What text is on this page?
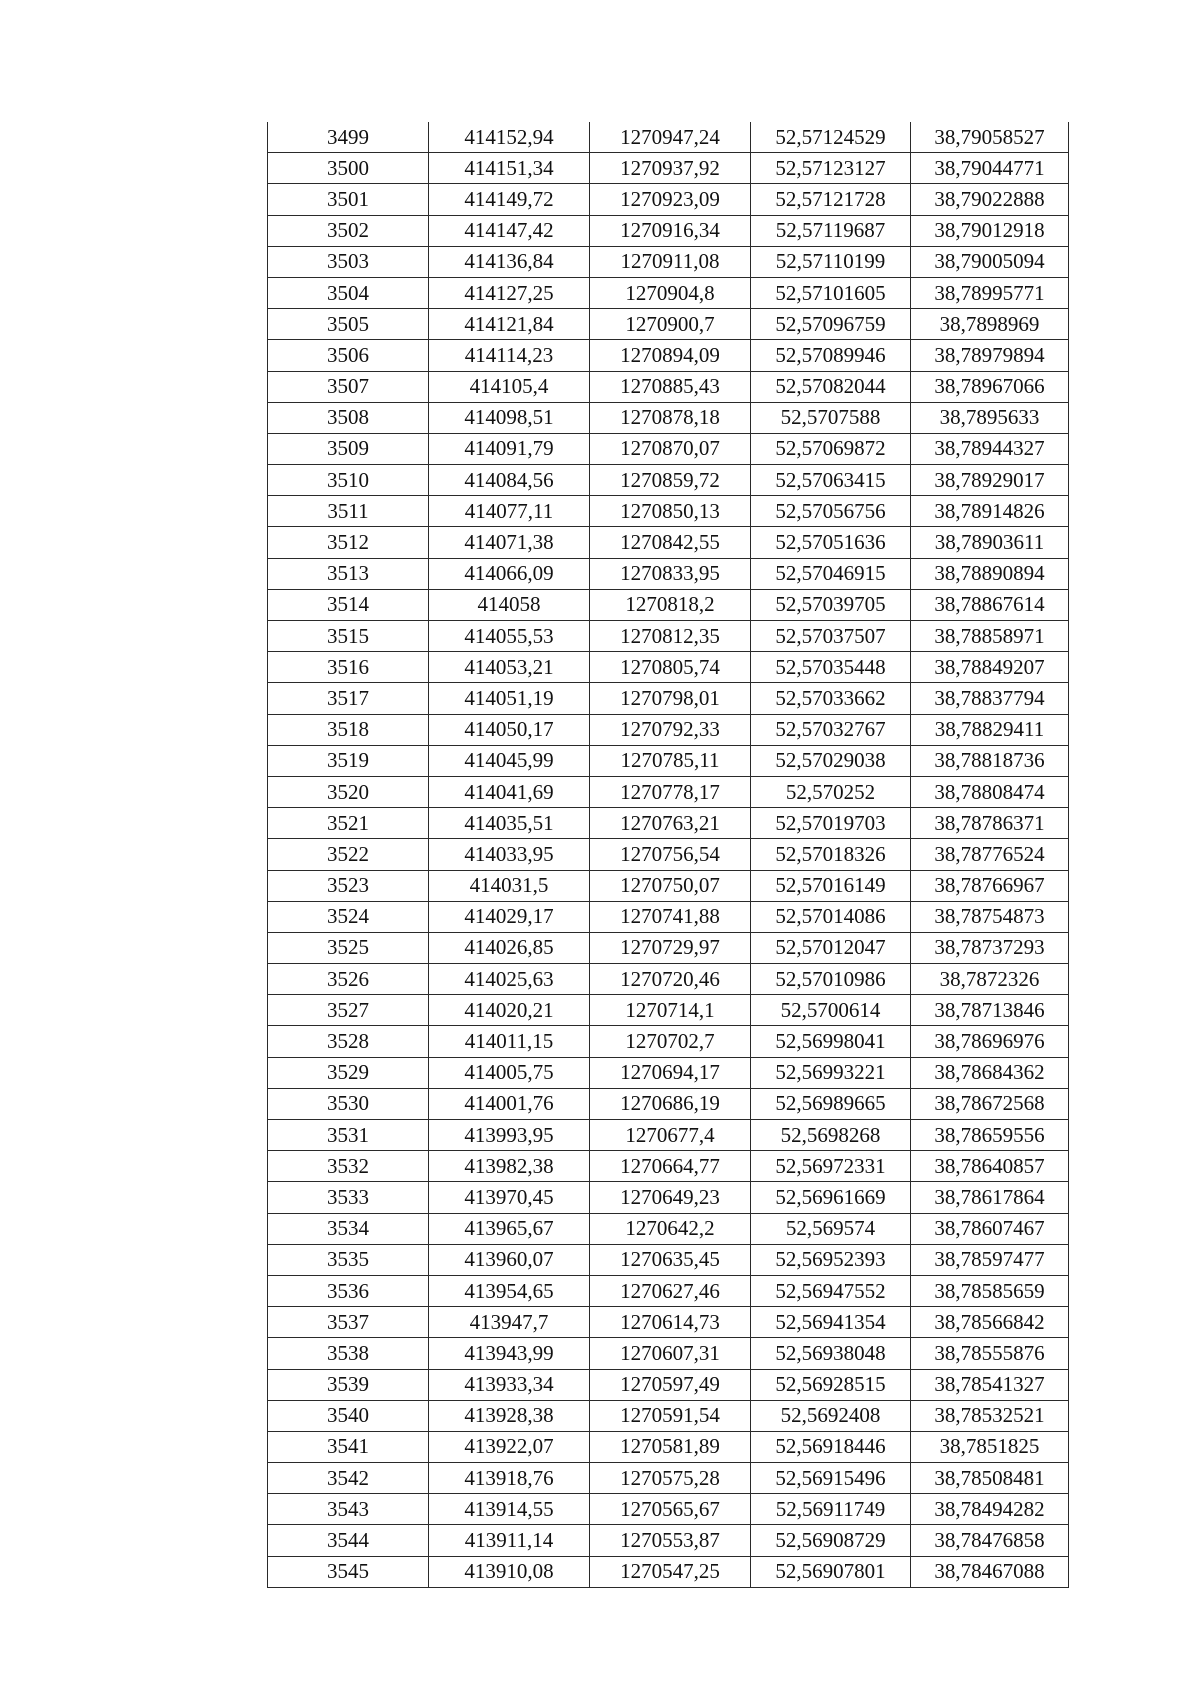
3499	414152,94	1270947,24	52,57124529	38,79058527
3500	414151,34	1270937,92	52,57123127	38,79044771
3501	414149,72	1270923,09	52,57121728	38,79022888
3502	414147,42	1270916,34	52,57119687	38,79012918
3503	414136,84	1270911,08	52,57110199	38,79005094
3504	414127,25	1270904,8	52,57101605	38,78995771
3505	414121,84	1270900,7	52,57096759	38,7898969
3506	414114,23	1270894,09	52,57089946	38,78979894
3507	414105,4	1270885,43	52,57082044	38,78967066
3508	414098,51	1270878,18	52,5707588	38,7895633
3509	414091,79	1270870,07	52,57069872	38,78944327
3510	414084,56	1270859,72	52,57063415	38,78929017
3511	414077,11	1270850,13	52,57056756	38,78914826
3512	414071,38	1270842,55	52,57051636	38,78903611
3513	414066,09	1270833,95	52,57046915	38,78890894
3514	414058	1270818,2	52,57039705	38,78867614
3515	414055,53	1270812,35	52,57037507	38,78858971
3516	414053,21	1270805,74	52,57035448	38,78849207
3517	414051,19	1270798,01	52,57033662	38,78837794
3518	414050,17	1270792,33	52,57032767	38,78829411
3519	414045,99	1270785,11	52,57029038	38,78818736
3520	414041,69	1270778,17	52,570252	38,78808474
3521	414035,51	1270763,21	52,57019703	38,78786371
3522	414033,95	1270756,54	52,57018326	38,78776524
3523	414031,5	1270750,07	52,57016149	38,78766967
3524	414029,17	1270741,88	52,57014086	38,78754873
3525	414026,85	1270729,97	52,57012047	38,78737293
3526	414025,63	1270720,46	52,57010986	38,7872326
3527	414020,21	1270714,1	52,5700614	38,78713846
3528	414011,15	1270702,7	52,56998041	38,78696976
3529	414005,75	1270694,17	52,56993221	38,78684362
3530	414001,76	1270686,19	52,56989665	38,78672568
3531	413993,95	1270677,4	52,5698268	38,78659556
3532	413982,38	1270664,77	52,56972331	38,78640857
3533	413970,45	1270649,23	52,56961669	38,78617864
3534	413965,67	1270642,2	52,569574	38,78607467
3535	413960,07	1270635,45	52,56952393	38,78597477
3536	413954,65	1270627,46	52,56947552	38,78585659
3537	413947,7	1270614,73	52,56941354	38,78566842
3538	413943,99	1270607,31	52,56938048	38,78555876
3539	413933,34	1270597,49	52,56928515	38,78541327
3540	413928,38	1270591,54	52,5692408	38,78532521
3541	413922,07	1270581,89	52,56918446	38,7851825
3542	413918,76	1270575,28	52,56915496	38,78508481
3543	413914,55	1270565,67	52,56911749	38,78494282
3544	413911,14	1270553,87	52,56908729	38,78476858
3545	413910,08	1270547,25	52,56907801	38,78467088
